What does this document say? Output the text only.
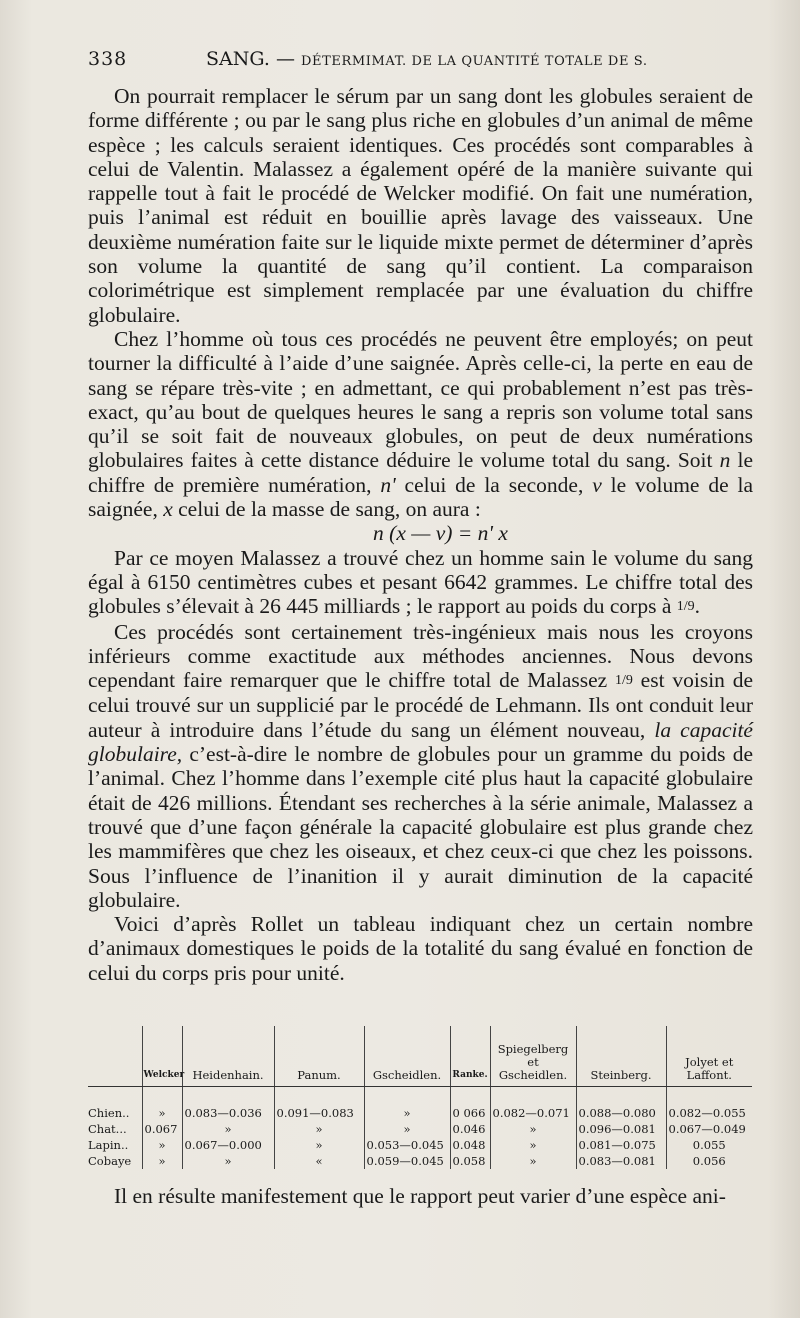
338	SANG. — DÉTERMIMAT. DE LA QUANTITÉ TOTALE DE S.

On pourrait remplacer le sérum par un sang dont les globules seraient de forme différente ; ou par le sang plus riche en globules d’un animal de même espèce ; les calculs seraient identiques. Ces procédés sont comparables à celui de Valentin. Malassez a également opéré de la manière suivante qui rappelle tout à fait le procédé de Welcker modifié. On fait une numération, puis l’animal est réduit en bouillie après lavage des vaisseaux. Une deuxième numération faite sur le liquide mixte permet de déterminer d’après son volume la quantité de sang qu’il contient. La comparaison colorimétrique est simplement remplacée par une évaluation du chiffre globulaire.

Chez l’homme où tous ces procédés ne peuvent être employés; on peut tourner la difficulté à l’aide d’une saignée. Après celle-ci, la perte en eau de sang se répare très-vite ; en admettant, ce qui probablement n’est pas très-exact, qu’au bout de quelques heures le sang a repris son volume total sans qu’il se soit fait de nouveaux globules, on peut de deux numérations globulaires faites à cette distance déduire le volume total du sang. Soit n le chiffre de première numération, n' celui de la seconde, v le volume de la saignée, x celui de la masse de sang, on aura :

n (x — v) = n' x

Par ce moyen Malassez a trouvé chez un homme sain le volume du sang égal à 6150 centimètres cubes et pesant 6642 grammes. Le chiffre total des globules s’élevait à 26 445 milliards ; le rapport au poids du corps à 1/9.

Ces procédés sont certainement très-ingénieux mais nous les croyons inférieurs comme exactitude aux méthodes anciennes. Nous devons cependant faire remarquer que le chiffre total de Malassez 1/9 est voisin de celui trouvé sur un supplicié par le procédé de Lehmann. Ils ont conduit leur auteur à introduire dans l’étude du sang un élément nouveau, la capacité globulaire, c’est-à-dire le nombre de globules pour un gramme du poids de l’animal. Chez l’homme dans l’exemple cité plus haut la capacité globulaire était de 426 millions. Étendant ses recherches à la série animale, Malassez a trouvé que d’une façon générale la capacité globulaire est plus grande chez les mammifères que chez les oiseaux, et chez ceux-ci que chez les poissons. Sous l’influence de l’inanition il y aurait diminution de la capacité globulaire.

Voici d’après Rollet un tableau indiquant chez un certain nombre d’animaux domestiques le poids de la totalité du sang évalué en fonction de celui du corps pris pour unité.

	Welcker	Heidenhain.	Panum.	Gscheidlen.	Ranke.	Spiegelberg et Gscheidlen.	Steinberg.	Jolyet et Laffont.

Chien..	»	0.083—0.036	0.091—0.083	»	0 066	0.082—0.071	0.088—0.080	0.082—0.055
Chat...	0.067	»	»	»	0.046	»	0.096—0.081	0.067—0.049
Lapin..	»	0.067—0.000	»	0.053—0.045	0.048	»	0.081—0.075	0.055
Cobaye	»	»	«	0.059—0.045	0.058	»	0.083—0.081	0.056

Il en résulte manifestement que le rapport peut varier d’une espèce ani-
